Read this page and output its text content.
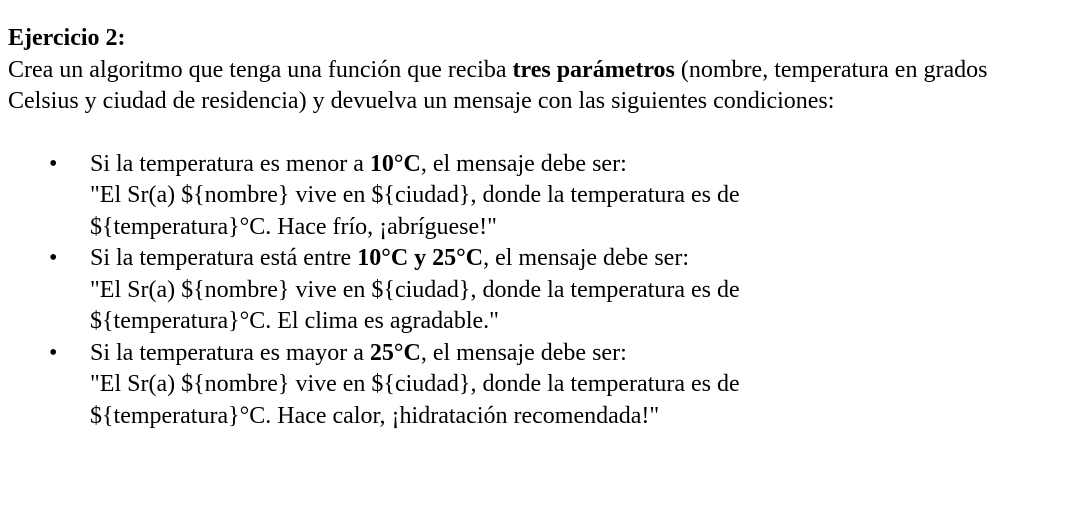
Ejercicio 2:

Crea un algoritmo que tenga una función que reciba tres parámetros (nombre, temperatura en grados Celsius y ciudad de residencia) y devuelva un mensaje con las siguientes condiciones:

• Si la temperatura es menor a 10°C, el mensaje debe ser:
"El Sr(a) ${nombre} vive en ${ciudad}, donde la temperatura es de
${temperatura}°C. Hace frío, ¡abríguese!"
• Si la temperatura está entre 10°C y 25°C, el mensaje debe ser:
"El Sr(a) ${nombre} vive en ${ciudad}, donde la temperatura es de
${temperatura}°C. El clima es agradable."
• Si la temperatura es mayor a 25°C, el mensaje debe ser:
"El Sr(a) ${nombre} vive en ${ciudad}, donde la temperatura es de
${temperatura}°C. Hace calor, ¡hidratación recomendada!"
